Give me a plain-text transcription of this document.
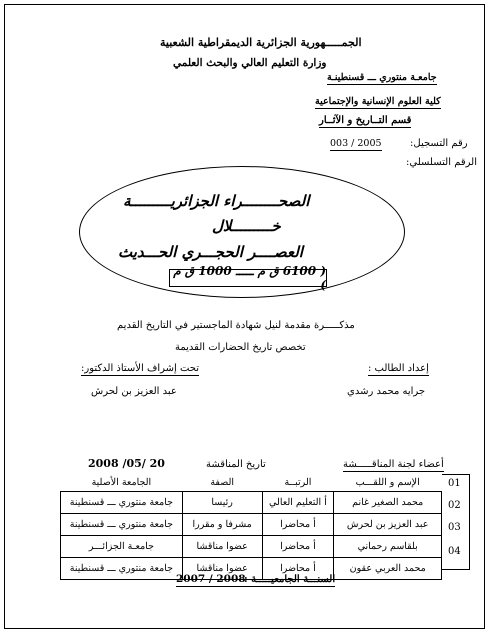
الجمـــــهورية الجزائرية الديمقراطية الشعبية
وزارة التعليم العالي والبحث العلمي
جامعـة منتوري ـــ قسنطينـة
كلية العلوم الإنسانية والإجتماعية
قسم التــاريخ و الآثــار
رقم التسجيل:
003 / 2005
الرقم التسلسلي:
الصحــــــــراء الجزائريـــــــــة
خـــــــــلال
العصــــر الحجـــري الحـــديث
( 6100 ق م ـــــ 1000 ق م )
مذكـــــرة مقدمة لنيل شهادة الماجستير في التاريخ القديم
تخصص تاريخ الحضارات القديمة
إعداد الطالب :
تحت إشراف الأستاذ الدكتور:
جرايه محمد رشدي
عبد العزيز بن لحرش
أعضاء لجنة المناقـــــشة
تاريخ المناقشة
2008 /05/ 20
01
02
03
04
الإسم و اللقـــب	الرتبــة	الصفة	الجامعة الأصلية
محمد الصغير غانم	أ التعليم العالي	رئيسا	جامعة منتوري ـــ قسنطينة
عبد العزيز بن لحرش	أ محاضرا	مشرفا و مقررا	جامعة منتوري ـــ قسنطينة
بلقاسم رحماني	أ محاضرا	عضوا مناقشا	جامعـة الجزائـــر
محمد العربي عقون	أ محاضرا	عضوا مناقشا	جامعة منتوري ـــ قسنطينة
السنـــة الجامعيـــــة :
2007 / 2008
